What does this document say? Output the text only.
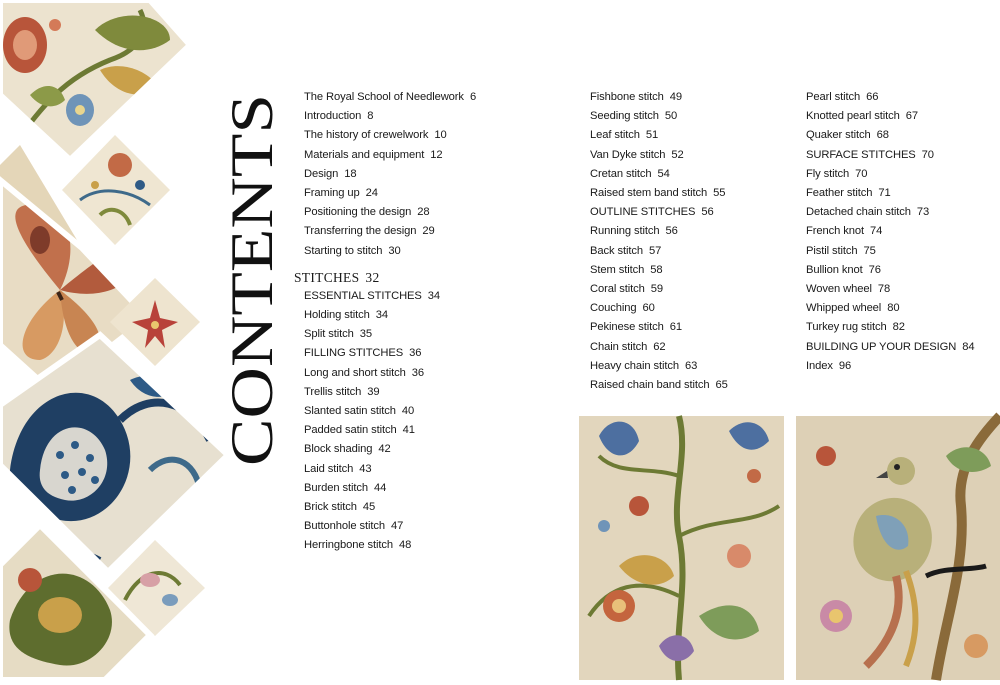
CONTENTS
The Royal School of Needlework 6
Introduction 8
The history of crewelwork 10
Materials and equipment 12
Design 18
Framing up 24
Positioning the design 28
Transferring the design 29
Starting to stitch 30
STITCHES 32
ESSENTIAL STITCHES 34
Holding stitch 34
Split stitch 35
FILLING STITCHES 36
Long and short stitch 36
Trellis stitch 39
Slanted satin stitch 40
Padded satin stitch 41
Block shading 42
Laid stitch 43
Burden stitch 44
Brick stitch 45
Buttonhole stitch 47
Herringbone stitch 48
Fishbone stitch 49
Seeding stitch 50
Leaf stitch 51
Van Dyke stitch 52
Cretan stitch 54
Raised stem band stitch 55
OUTLINE STITCHES 56
Running stitch 56
Back stitch 57
Stem stitch 58
Coral stitch 59
Couching 60
Pekinese stitch 61
Chain stitch 62
Heavy chain stitch 63
Raised chain band stitch 65
Pearl stitch 66
Knotted pearl stitch 67
Quaker stitch 68
SURFACE STITCHES 70
Fly stitch 70
Feather stitch 71
Detached chain stitch 73
French knot 74
Pistil stitch 75
Bullion knot 76
Woven wheel 78
Whipped wheel 80
Turkey rug stitch 82
BUILDING UP YOUR DESIGN 84
Index 96
